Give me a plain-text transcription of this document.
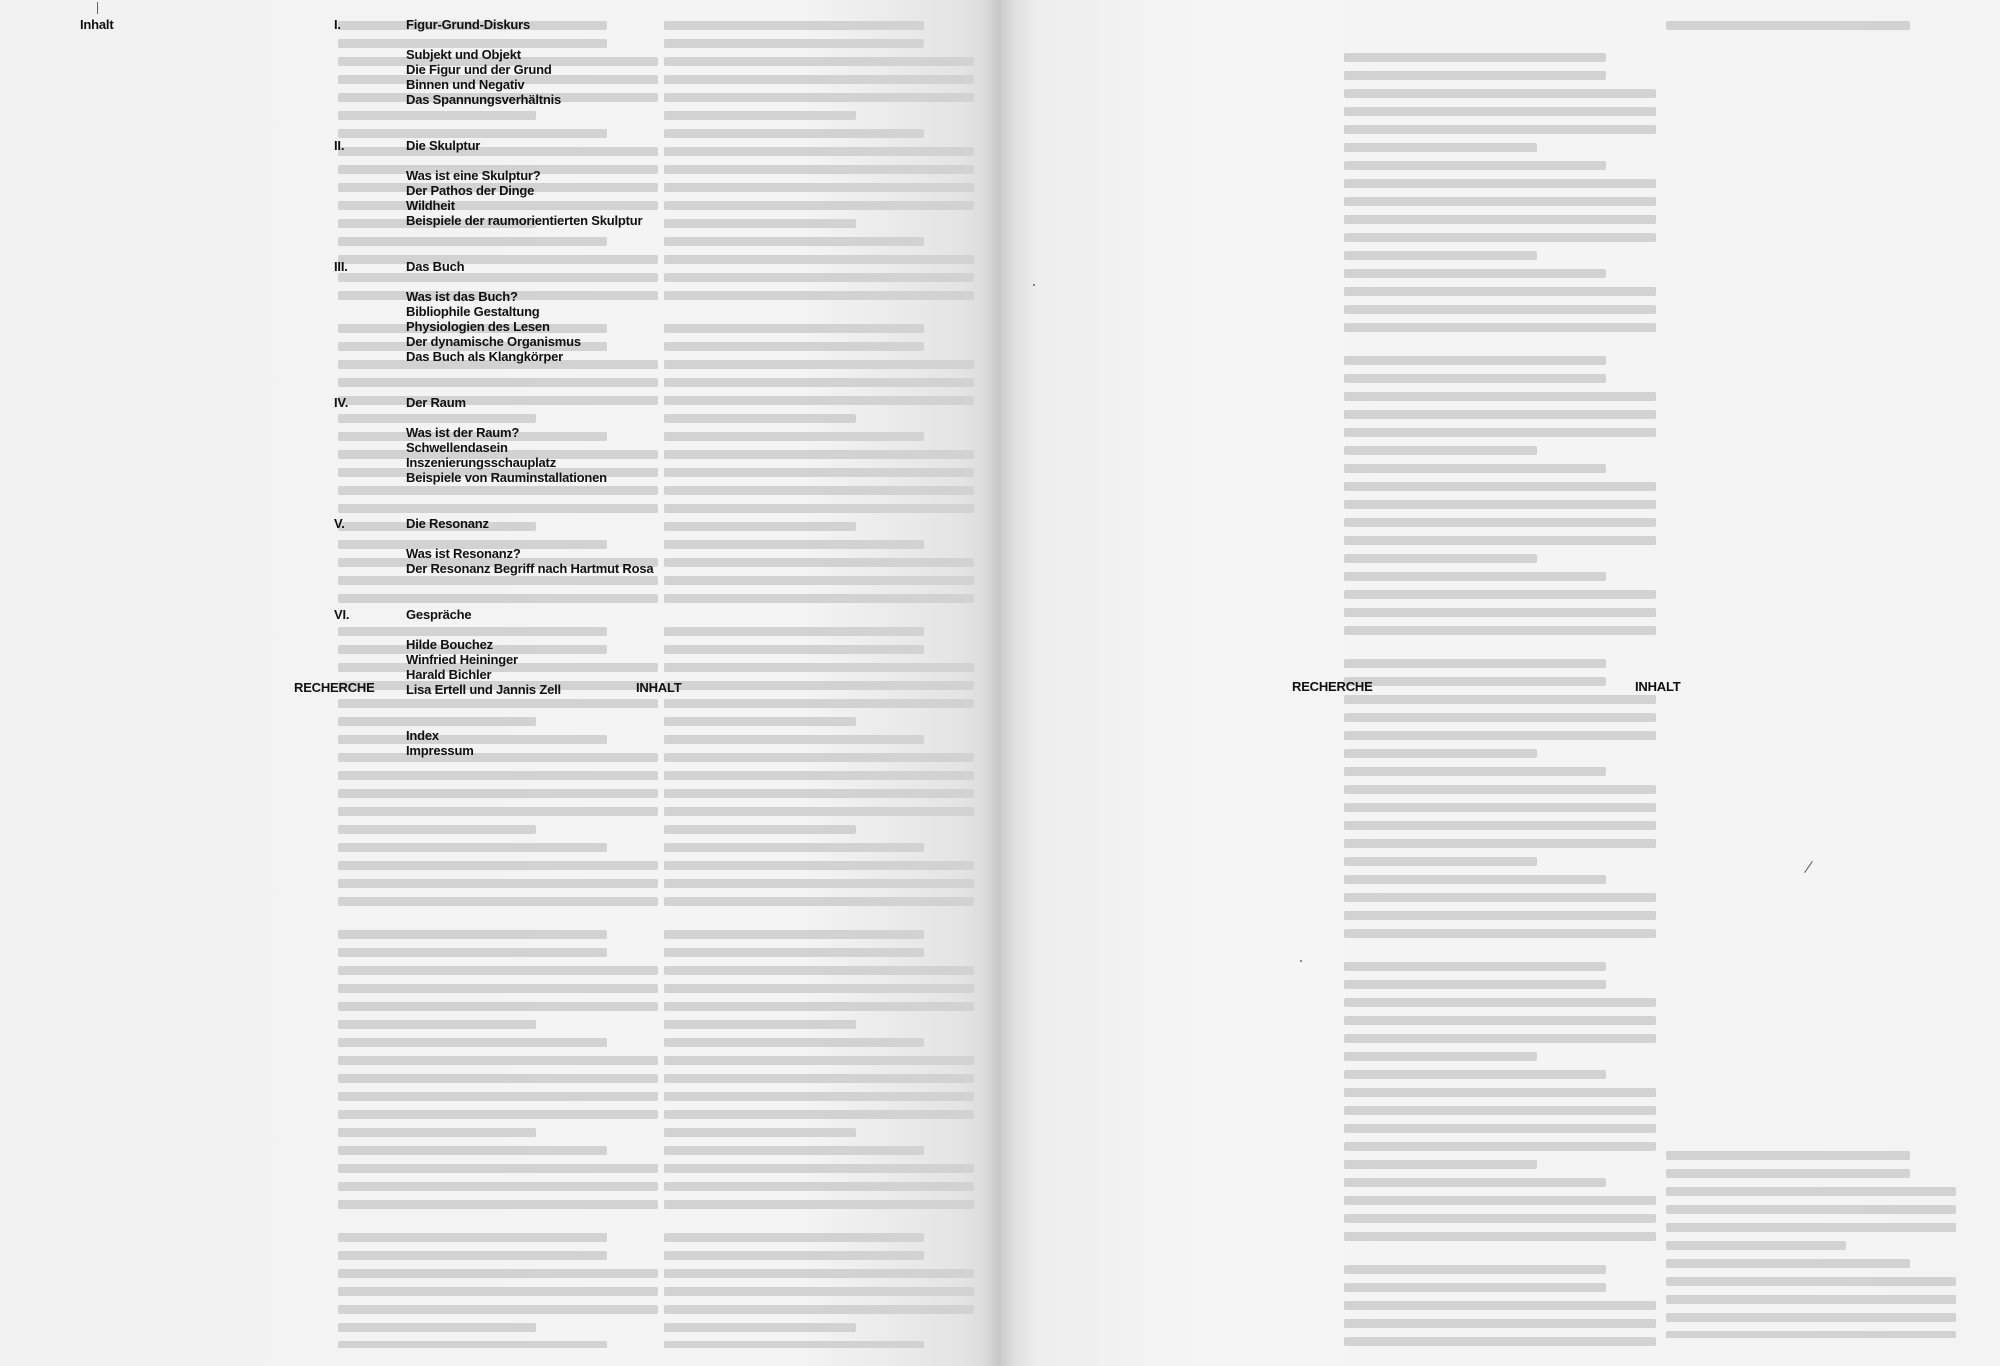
Inhalt	I.	Figur-Grund-Diskurs
Subjekt und Objekt
Die Figur und der Grund
Binnen und Negativ
Das Spannungsverhältnis
II.	Die Skulptur
Was ist eine Skulptur?
Der Pathos der Dinge
Wildheit
Beispiele der raumorientierten Skulptur
III.	Das Buch
Was ist das Buch?
Bibliophile Gestaltung
Physiologien des Lesen
Der dynamische Organismus
Das Buch als Klangkörper
IV.	Der Raum
Was ist der Raum?
Schwellendasein
Inszenierungsschauplatz
Beispiele von Rauminstallationen
V.	Die Resonanz
Was ist Resonanz?
Der Resonanz Begriff nach Hartmut Rosa
VI.	Gespräche
Hilde Bouchez
Winfried Heininger
Harald Bichler
Lisa Ertell und Jannis Zell
Index
Impressum
RECHERCHE	INHALT	RECHERCHE	INHALT
